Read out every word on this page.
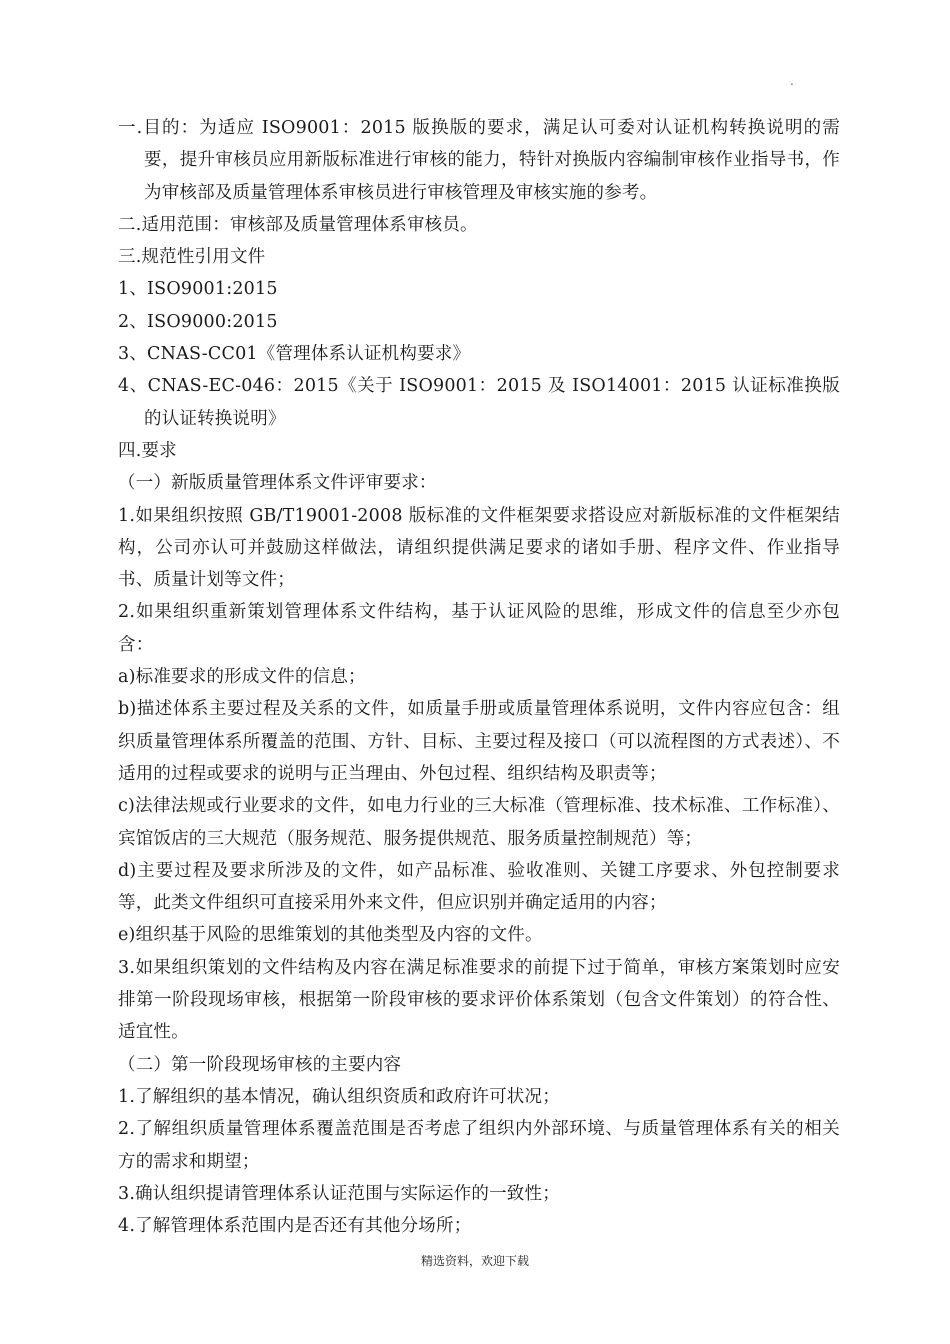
.

一.目的：为适应 ISO9001：2015 版换版的要求，满足认可委对认证机构转换说明的需要，提升审核员应用新版标准进行审核的能力，特针对换版内容编制审核作业指导书，作为审核部及质量管理体系审核员进行审核管理及审核实施的参考。

二.适用范围：审核部及质量管理体系审核员。

三.规范性引用文件

1、ISO9001:2015

2、ISO9000:2015

3、CNAS-CC01《管理体系认证机构要求》

4、CNAS-EC-046：2015《关于 ISO9001：2015 及 ISO14001：2015 认证标准换版的认证转换说明》

四.要求

（一）新版质量管理体系文件评审要求：

1.如果组织按照 GB/T19001-2008 版标准的文件框架要求搭设应对新版标准的文件框架结构，公司亦认可并鼓励这样做法，请组织提供满足要求的诸如手册、程序文件、作业指导书、质量计划等文件；

2.如果组织重新策划管理体系文件结构，基于认证风险的思维，形成文件的信息至少亦包含：

a)标准要求的形成文件的信息；

b)描述体系主要过程及关系的文件，如质量手册或质量管理体系说明，文件内容应包含：组织质量管理体系所覆盖的范围、方针、目标、主要过程及接口（可以流程图的方式表述）、不适用的过程或要求的说明与正当理由、外包过程、组织结构及职责等；

c)法律法规或行业要求的文件，如电力行业的三大标准（管理标准、技术标准、工作标准）、宾馆饭店的三大规范（服务规范、服务提供规范、服务质量控制规范）等；

d)主要过程及要求所涉及的文件，如产品标准、验收准则、关键工序要求、外包控制要求等，此类文件组织可直接采用外来文件，但应识别并确定适用的内容；

e)组织基于风险的思维策划的其他类型及内容的文件。

3.如果组织策划的文件结构及内容在满足标准要求的前提下过于简单，审核方案策划时应安排第一阶段现场审核，根据第一阶段审核的要求评价体系策划（包含文件策划）的符合性、适宜性。

（二）第一阶段现场审核的主要内容

1.了解组织的基本情况，确认组织资质和政府许可状况；

2.了解组织质量管理体系覆盖范围是否考虑了组织内外部环境、与质量管理体系有关的相关方的需求和期望；

3.确认组织提请管理体系认证范围与实际运作的一致性；

4.了解管理体系范围内是否还有其他分场所；

精选资料，欢迎下载
